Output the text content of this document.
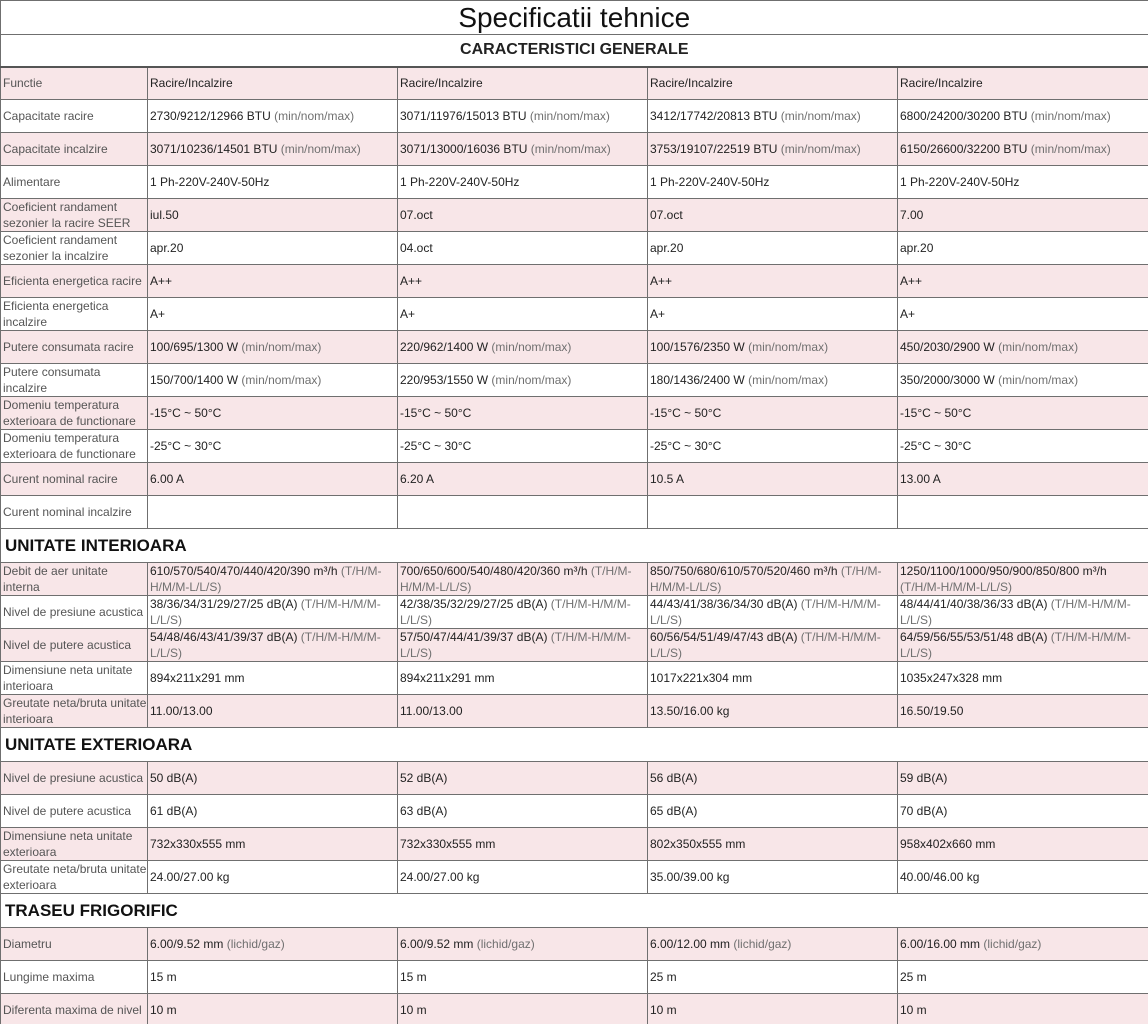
Specificatii tehnice				
CARACTERISTICI GENERALE				
Functie	Racire/Incalzire	Racire/Incalzire	Racire/Incalzire	Racire/Incalzire
Capacitate racire	2730/9212/12966 BTU (min/nom/max)	3071/11976/15013 BTU (min/nom/max)	3412/17742/20813 BTU (min/nom/max)	6800/24200/30200 BTU (min/nom/max)
Capacitate incalzire	3071/10236/14501 BTU (min/nom/max)	3071/13000/16036 BTU (min/nom/max)	3753/19107/22519 BTU (min/nom/max)	6150/26600/32200 BTU (min/nom/max)
Alimentare	1 Ph-220V-240V-50Hz	1 Ph-220V-240V-50Hz	1 Ph-220V-240V-50Hz	1 Ph-220V-240V-50Hz
Coeficient randament sezonier la racire SEER	iul.50	07.oct	07.oct	7.00
Coeficient randament sezonier la incalzire	apr.20	04.oct	apr.20	apr.20
Eficienta energetica racire	A++	A++	A++	A++
Eficienta energetica incalzire	A+	A+	A+	A+
Putere consumata racire	100/695/1300 W (min/nom/max)	220/962/1400 W (min/nom/max)	100/1576/2350 W (min/nom/max)	450/2030/2900 W (min/nom/max)
Putere consumata incalzire	150/700/1400 W (min/nom/max)	220/953/1550 W (min/nom/max)	180/1436/2400 W (min/nom/max)	350/2000/3000 W (min/nom/max)
Domeniu temperatura exterioara de functionare	-15°C ~ 50°C	-15°C ~ 50°C	-15°C ~ 50°C	-15°C ~ 50°C
Domeniu temperatura exterioara de functionare	-25°C ~ 30°C	-25°C ~ 30°C	-25°C ~ 30°C	-25°C ~ 30°C
Curent nominal racire	6.00 A	6.20 A	10.5 A	13.00 A
Curent nominal incalzire				
UNITATE INTERIOARA				
Debit de aer unitate interna	610/570/540/470/440/420/390 m³/h (T/H/M-H/M/M-L/L/S)	700/650/600/540/480/420/360 m³/h (T/H/M-H/M/M-L/L/S)	850/750/680/610/570/520/460 m³/h (T/H/M-H/M/M-L/L/S)	1250/1100/1000/950/900/850/800 m³/h (T/H/M-H/M/M-L/L/S)
Nivel de presiune acustica	38/36/34/31/29/27/25 dB(A) (T/H/M-H/M/M-L/L/S)	42/38/35/32/29/27/25 dB(A) (T/H/M-H/M/M-L/L/S)	44/43/41/38/36/34/30 dB(A) (T/H/M-H/M/M-L/L/S)	48/44/41/40/38/36/33 dB(A) (T/H/M-H/M/M-L/L/S)
Nivel de putere acustica	54/48/46/43/41/39/37 dB(A) (T/H/M-H/M/M-L/L/S)	57/50/47/44/41/39/37 dB(A) (T/H/M-H/M/M-L/L/S)	60/56/54/51/49/47/43 dB(A) (T/H/M-H/M/M-L/L/S)	64/59/56/55/53/51/48 dB(A) (T/H/M-H/M/M-L/L/S)
Dimensiune neta unitate interioara	894x211x291 mm	894x211x291 mm	1017x221x304 mm	1035x247x328 mm
Greutate neta/bruta unitate interioara	11.00/13.00	11.00/13.00	13.50/16.00 kg	16.50/19.50
UNITATE EXTERIOARA				
Nivel de presiune acustica	50 dB(A)	52 dB(A)	56 dB(A)	59 dB(A)
Nivel de putere acustica	61 dB(A)	63 dB(A)	65 dB(A)	70 dB(A)
Dimensiune neta unitate exterioara	732x330x555 mm	732x330x555 mm	802x350x555 mm	958x402x660 mm
Greutate neta/bruta unitate exterioara	24.00/27.00 kg	24.00/27.00 kg	35.00/39.00 kg	40.00/46.00 kg
TRASEU FRIGORIFIC				
Diametru	6.00/9.52 mm (lichid/gaz)	6.00/9.52 mm (lichid/gaz)	6.00/12.00 mm (lichid/gaz)	6.00/16.00 mm (lichid/gaz)
Lungime maxima	15 m	15 m	25 m	25 m
Diferenta maxima de nivel	10 m	10 m	10 m	10 m
